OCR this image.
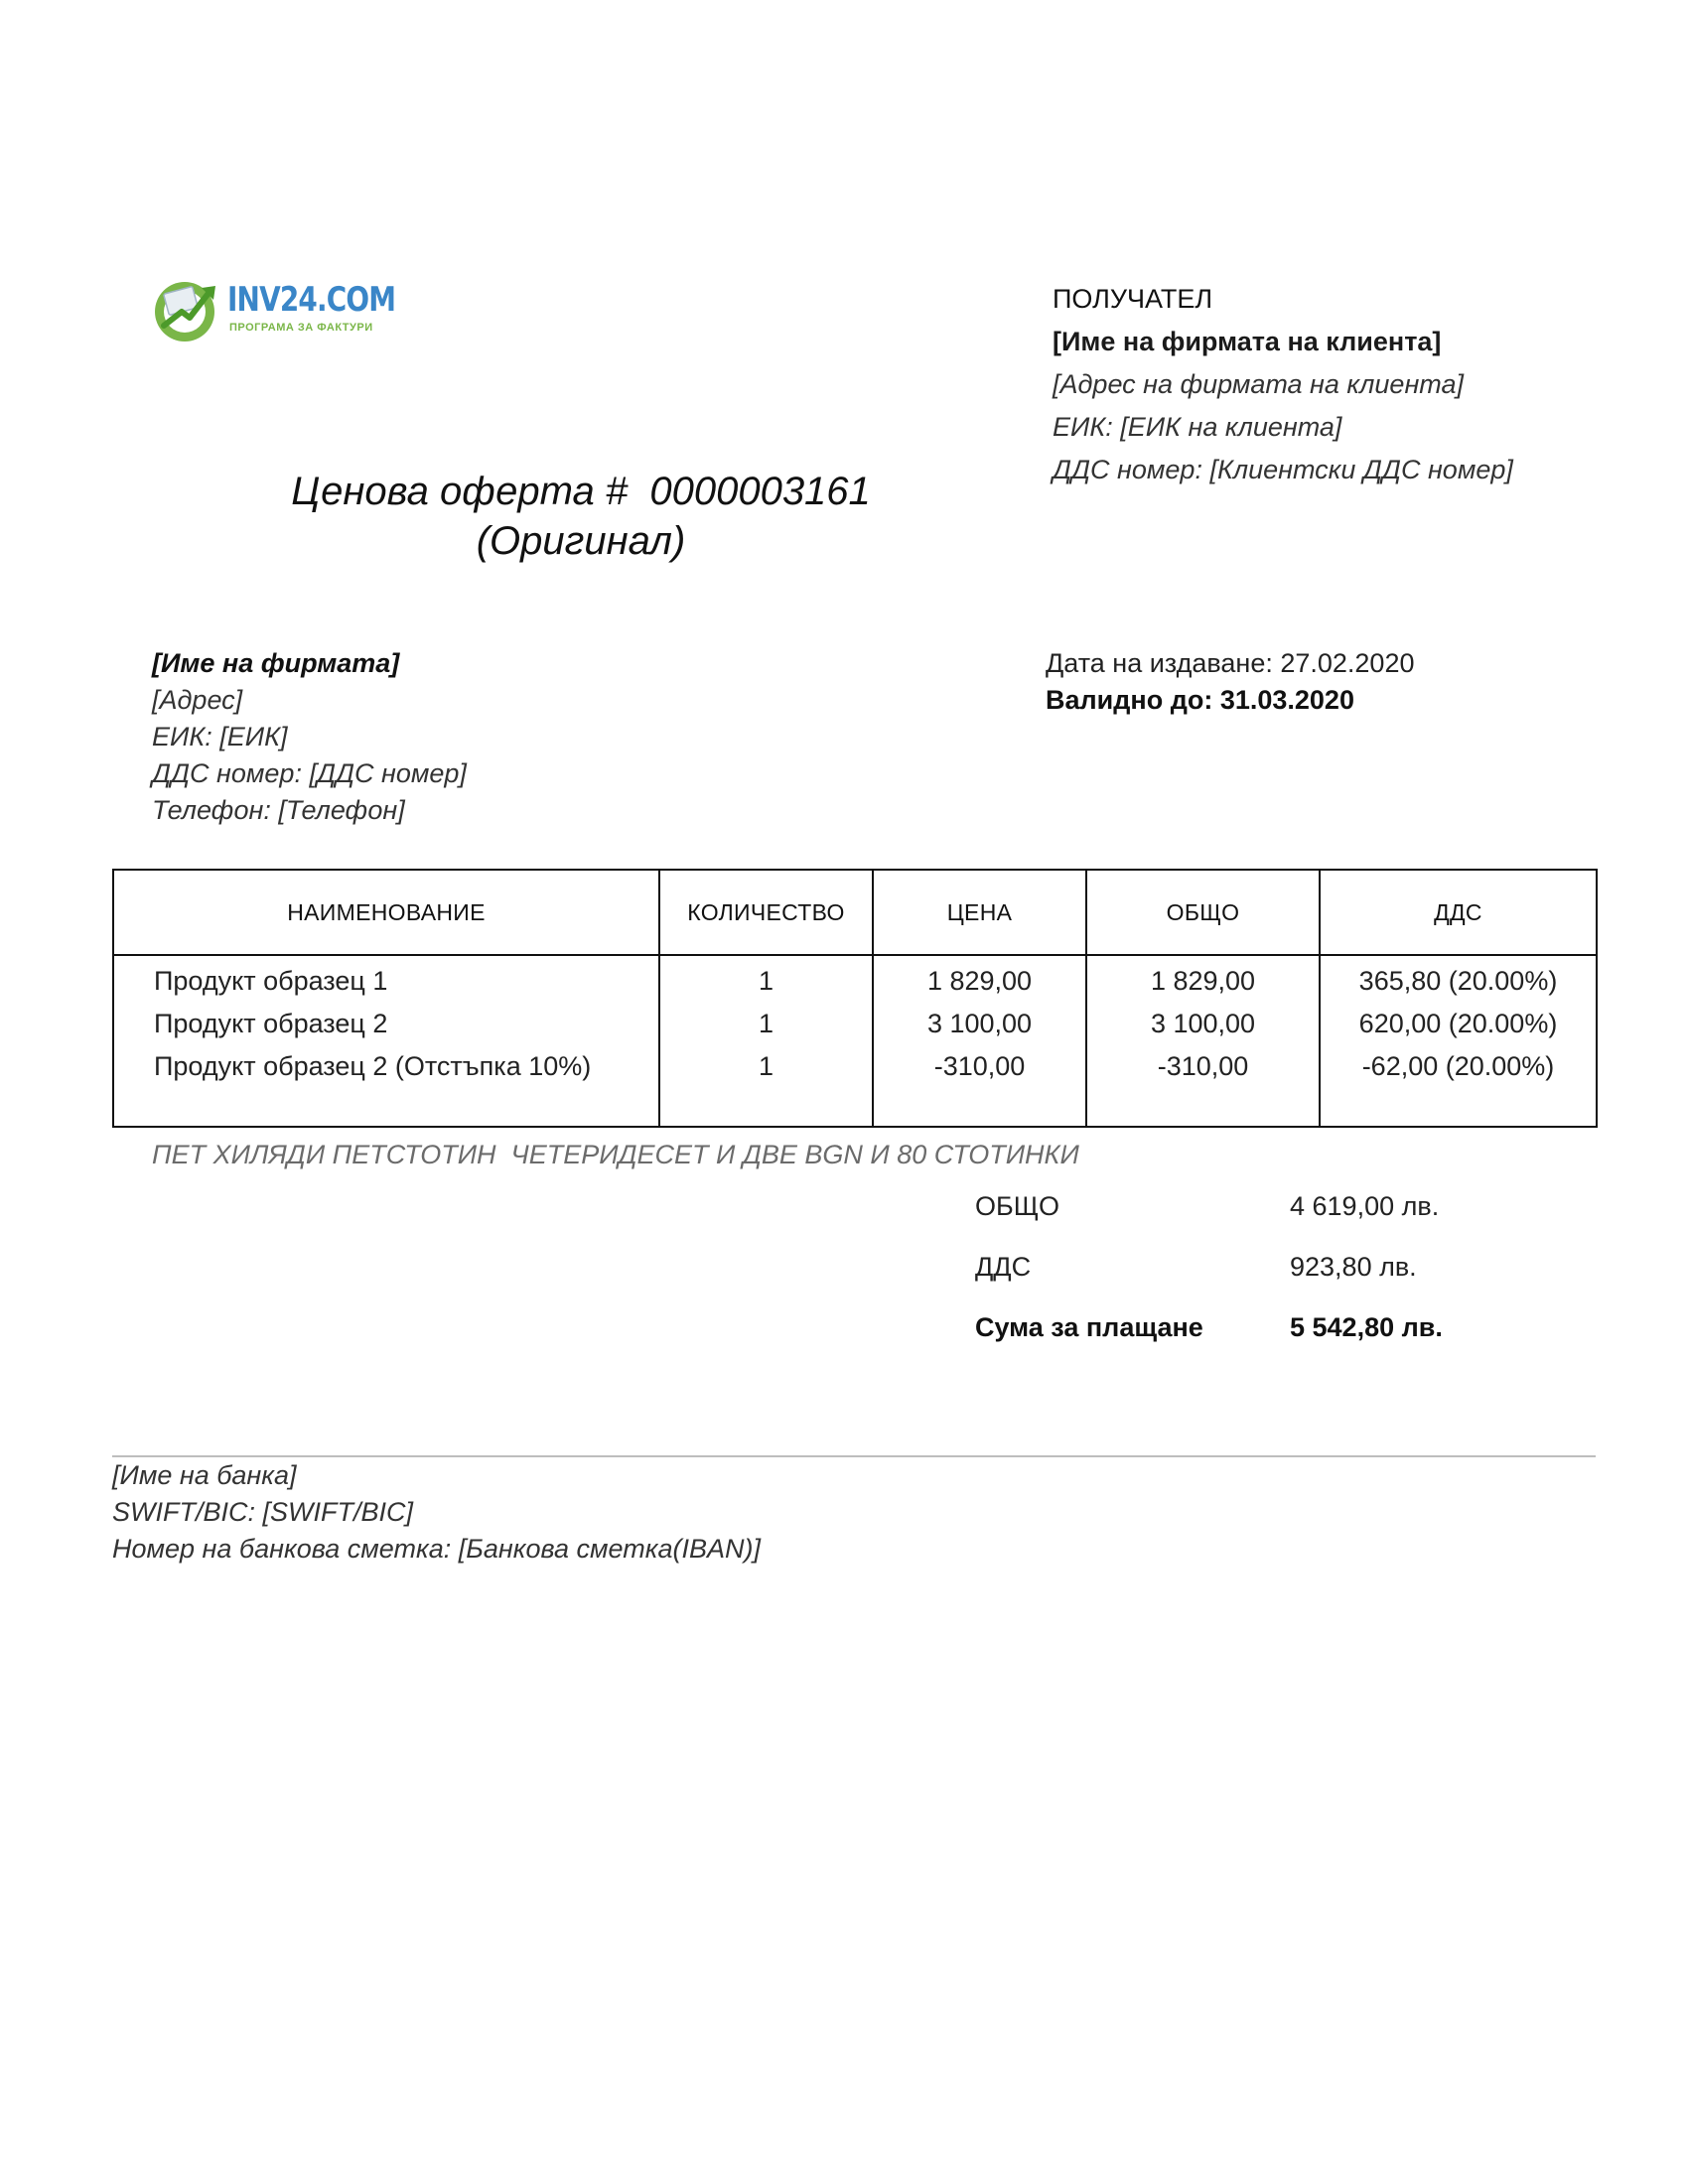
INV24.COM
ПРОГРАМА ЗА ФАКТУРИ
ПОЛУЧАТЕЛ
[Име на фирмата на клиента]
[Адрес на фирмата на клиента]
ЕИК: [ЕИК на клиента]
ДДС номер: [Клиентски ДДС номер]
Ценова оферта #  0000003161
(Оригинал)
[Име на фирмата]
[Адрес]
ЕИК: [ЕИК]
ДДС номер: [ДДС номер]
Телефон: [Телефон]
Дата на издаване: 27.02.2020
Валидно до: 31.03.2020
НАИМЕНОВАНИЕ	КОЛИЧЕСТВО	ЦЕНА	ОБЩО	ДДС
Продукт образец 1	1	1 829,00	1 829,00	365,80 (20.00%)
Продукт образец 2	1	3 100,00	3 100,00	620,00 (20.00%)
Продукт образец 2 (Отстъпка 10%)	1	-310,00	-310,00	-62,00 (20.00%)

ПЕТ ХИЛЯДИ ПЕТСТОТИН  ЧЕТЕРИДЕСЕТ И ДВЕ BGN И 80 СТОТИНКИ
ОБЩО	4 619,00 лв.
ДДС	923,80 лв.
Сума за плащане	5 542,80 лв.
[Име на банка]
SWIFT/BIC: [SWIFT/BIC]
Номер на банкова сметка: [Банкова сметка(IBAN)]
